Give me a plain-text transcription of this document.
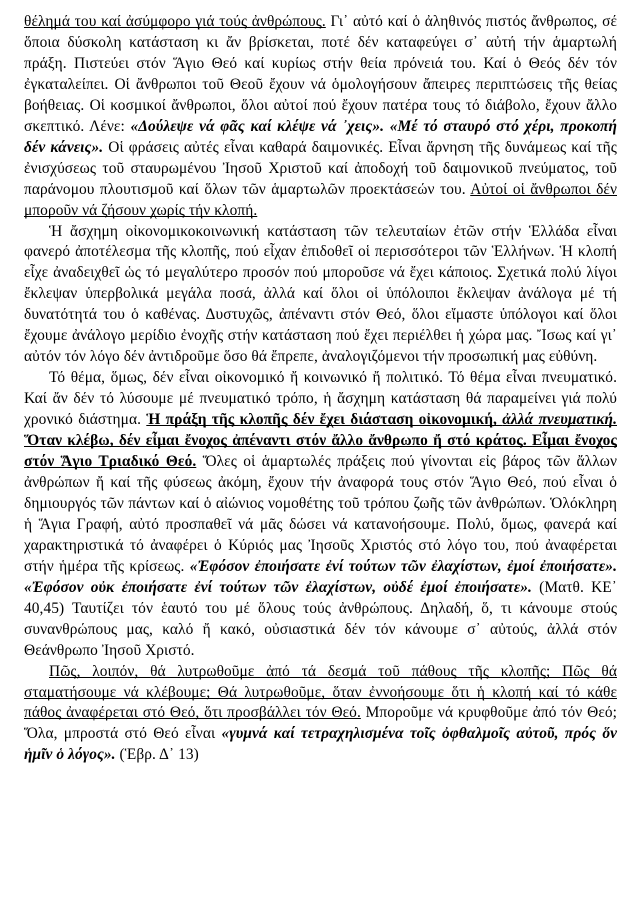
θέλημά του καί ἀσύμφορο γιά τούς ἀνθρώπους. Γι᾽ αὐτό καί ὁ ἀληθινός πιστός ἄνθρωπος, σέ ὅποια δύσκολη κατάσταση κι ἄν βρίσκεται, ποτέ δέν καταφεύγει σ᾽ αὐτή τήν ἁμαρτωλή πράξη. Πιστεύει στόν Ἅγιο Θεό καί κυρίως στήν θεία πρόνειά του. Καί ὁ Θεός δέν τόν ἐγκαταλείπει. Οἱ ἄνθρωποι τοῦ Θεοῦ ἔχουν νά ὁμολογήσουν ἄπειρες περιπτώσεις τῆς θείας βοήθειας. Οἱ κοσμικοί ἄνθρωποι, ὅλοι αὐτοί πού ἔχουν πατέρα τους τό διάβολο, ἔχουν ἄλλο σκεπτικό. Λένε: «Δούλεψε νά φᾶς καί κλέψε νά ᾽χεις». «Μέ τό σταυρό στό χέρι, προκοπή δέν κάνεις». Οἱ φράσεις αὐτές εἶναι καθαρά δαιμονικές. Εἶναι ἄρνηση τῆς δυνάμεως καί τῆς ἐνισχύσεως τοῦ σταυρωμένου Ἰησοῦ Χριστοῦ καί ἀποδοχή τοῦ δαιμονικοῦ πνεύματος, τοῦ παράνομου πλουτισμοῦ καί ὅλων τῶν ἁμαρτωλῶν προεκτάσεών του. Αὐτοί οἱ ἄνθρωποι δέν μποροῦν νά ζήσουν χωρίς τήν κλοπή.

Ἡ ἄσχημη οἰκονομικοκοινωνική κατάσταση τῶν τελευταίων ἐτῶν στήν Ἑλλάδα εἶναι φανερό ἀποτέλεσμα τῆς κλοπῆς, πού εἶχαν ἐπιδοθεῖ οἱ περισσότεροι τῶν Ἑλλήνων. Ἡ κλοπή εἶχε ἀναδειχθεῖ ὡς τό μεγαλύτερο προσόν πού μποροῦσε νά ἔχει κάποιος. Σχετικά πολύ λίγοι ἔκλεψαν ὑπερβολικά μεγάλα ποσά, ἀλλά καί ὅλοι οἱ ὑπόλοιποι ἔκλεψαν ἀνάλογα μέ τή δυνατότητά του ὁ καθένας. Δυστυχῶς, ἀπέναντι στόν Θεό, ὅλοι εἴμαστε ὑπόλογοι καί ὅλοι ἔχουμε ἀνάλογο μερίδιο ἐνοχῆς στήν κατάσταση πού ἔχει περιέλθει ἡ χώρα μας. Ἴσως καί γι᾽ αὐτόν τόν λόγο δέν ἀντιδροῦμε ὅσο θά ἔπρεπε, ἀναλογιζόμενοι τήν προσωπική μας εὐθύνη.

Τό θέμα, ὅμως, δέν εἶναι οἰκονομικό ἤ κοινωνικό ἤ πολιτικό. Τό θέμα εἶναι πνευματικό. Καί ἄν δέν τό λύσουμε μέ πνευματικό τρόπο, ἡ ἄσχημη κατάσταση θά παραμείνει γιά πολύ χρονικό διάστημα. Ἡ πράξη τῆς κλοπῆς δέν ἔχει διάσταση οἰκονομική, ἀλλά πνευματική. Ὅταν κλέβω, δέν εἶμαι ἔνοχος ἀπέναντι στόν ἄλλο ἄνθρωπο ἤ στό κράτος. Εἶμαι ἔνοχος στόν Ἅγιο Τριαδικό Θεό. Ὅλες οἱ ἁμαρτωλές πράξεις πού γίνονται εἰς βάρος τῶν ἄλλων ἀνθρώπων ἤ καί τῆς φύσεως ἀκόμη, ἔχουν τήν ἀναφορά τους στόν Ἅγιο Θεό, πού εἶναι ὁ δημιουργός τῶν πάντων καί ὁ αἰώνιος νομοθέτης τοῦ τρόπου ζωῆς τῶν ἀνθρώπων. Ὁλόκληρη ἡ Ἅγια Γραφή, αὐτό προσπαθεῖ νά μᾶς δώσει νά κατανοήσουμε. Πολύ, ὅμως, φανερά καί χαρακτηριστικά τό ἀναφέρει ὁ Κύριός μας Ἰησοῦς Χριστός στό λόγο του, πού ἀναφέρεται στήν ἡμέρα τῆς κρίσεως. «Ἐφόσον ἐποιήσατε ἐνί τούτων τῶν ἐλαχίστων, ἐμοί ἐποιήσατε». «Ἐφόσον οὐκ ἐποιήσατε ἐνί τούτων τῶν ἐλαχίστων, οὐδέ ἐμοί ἐποιήσατε». (Ματθ. ΚΕ᾽ 40,45) Ταυτίζει τόν ἑαυτό του μέ ὅλους τούς ἀνθρώπους. Δηλαδή, ὅ, τι κάνουμε στούς συνανθρώπους μας, καλό ἤ κακό, οὐσιαστικά δέν τόν κάνουμε σ᾽ αὐτούς, ἀλλά στόν Θεάνθρωπο Ἰησοῦ Χριστό.

Πῶς, λοιπόν, θά λυτρωθοῦμε ἀπό τά δεσμά τοῦ πάθους τῆς κλοπῆς; Πῶς θά σταματήσουμε νά κλέβουμε; Θά λυτρωθοῦμε, ὅταν ἐννοήσουμε ὅτι ἡ κλοπή καί τό κάθε πάθος ἀναφέρεται στό Θεό, ὅτι προσβάλλει τόν Θεό. Μποροῦμε νά κρυφθοῦμε ἀπό τόν Θεό; Ὅλα, μπροστά στό Θεό εἶναι «γυμνά καί τετραχηλισμένα τοῖς ὀφθαλμοῖς αὐτοῦ, πρός ὅν ἡμῖν ὁ λόγος». (Ἑβρ. Δ᾽ 13)
